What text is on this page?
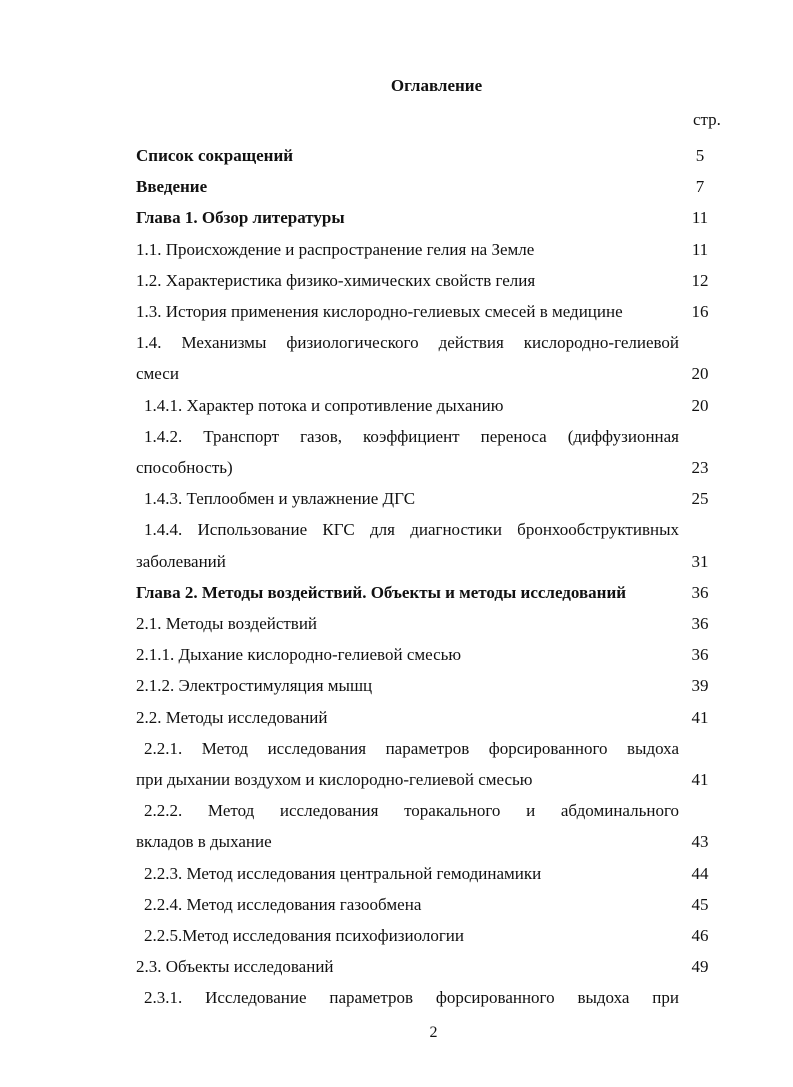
Оглавление
стр.
Список сокращений	5
Введение	7
Глава 1. Обзор литературы	11
1.1. Происхождение и распространение гелия на Земле	11
1.2. Характеристика физико-химических свойств гелия	12
1.3. История применения кислородно-гелиевых смесей в медицине	16
1.4. Механизмы физиологического действия кислородно-гелиевой
смеси	20
1.4.1. Характер потока и сопротивление дыханию	20
1.4.2. Транспорт газов, коэффициент переноса (диффузионная
способность)	23
1.4.3. Теплообмен и увлажнение ДГС	25
1.4.4. Использование КГС для диагностики бронхообструктивных
заболеваний	31
Глава 2. Методы воздействий. Объекты и методы исследований	36
2.1. Методы воздействий	36
2.1.1. Дыхание кислородно-гелиевой смесью	36
2.1.2. Электростимуляция мышц	39
2.2. Методы исследований	41
2.2.1. Метод исследования параметров форсированного выдоха
при дыхании воздухом и кислородно-гелиевой смесью	41
2.2.2. Метод исследования торакального и абдоминального
вкладов в дыхание	43
2.2.3. Метод исследования центральной гемодинамики	44
2.2.4. Метод исследования газообмена	45
2.2.5.Метод исследования психофизиологии	46
2.3. Объекты исследований	49
2.3.1. Исследование параметров форсированного выдоха при
2
